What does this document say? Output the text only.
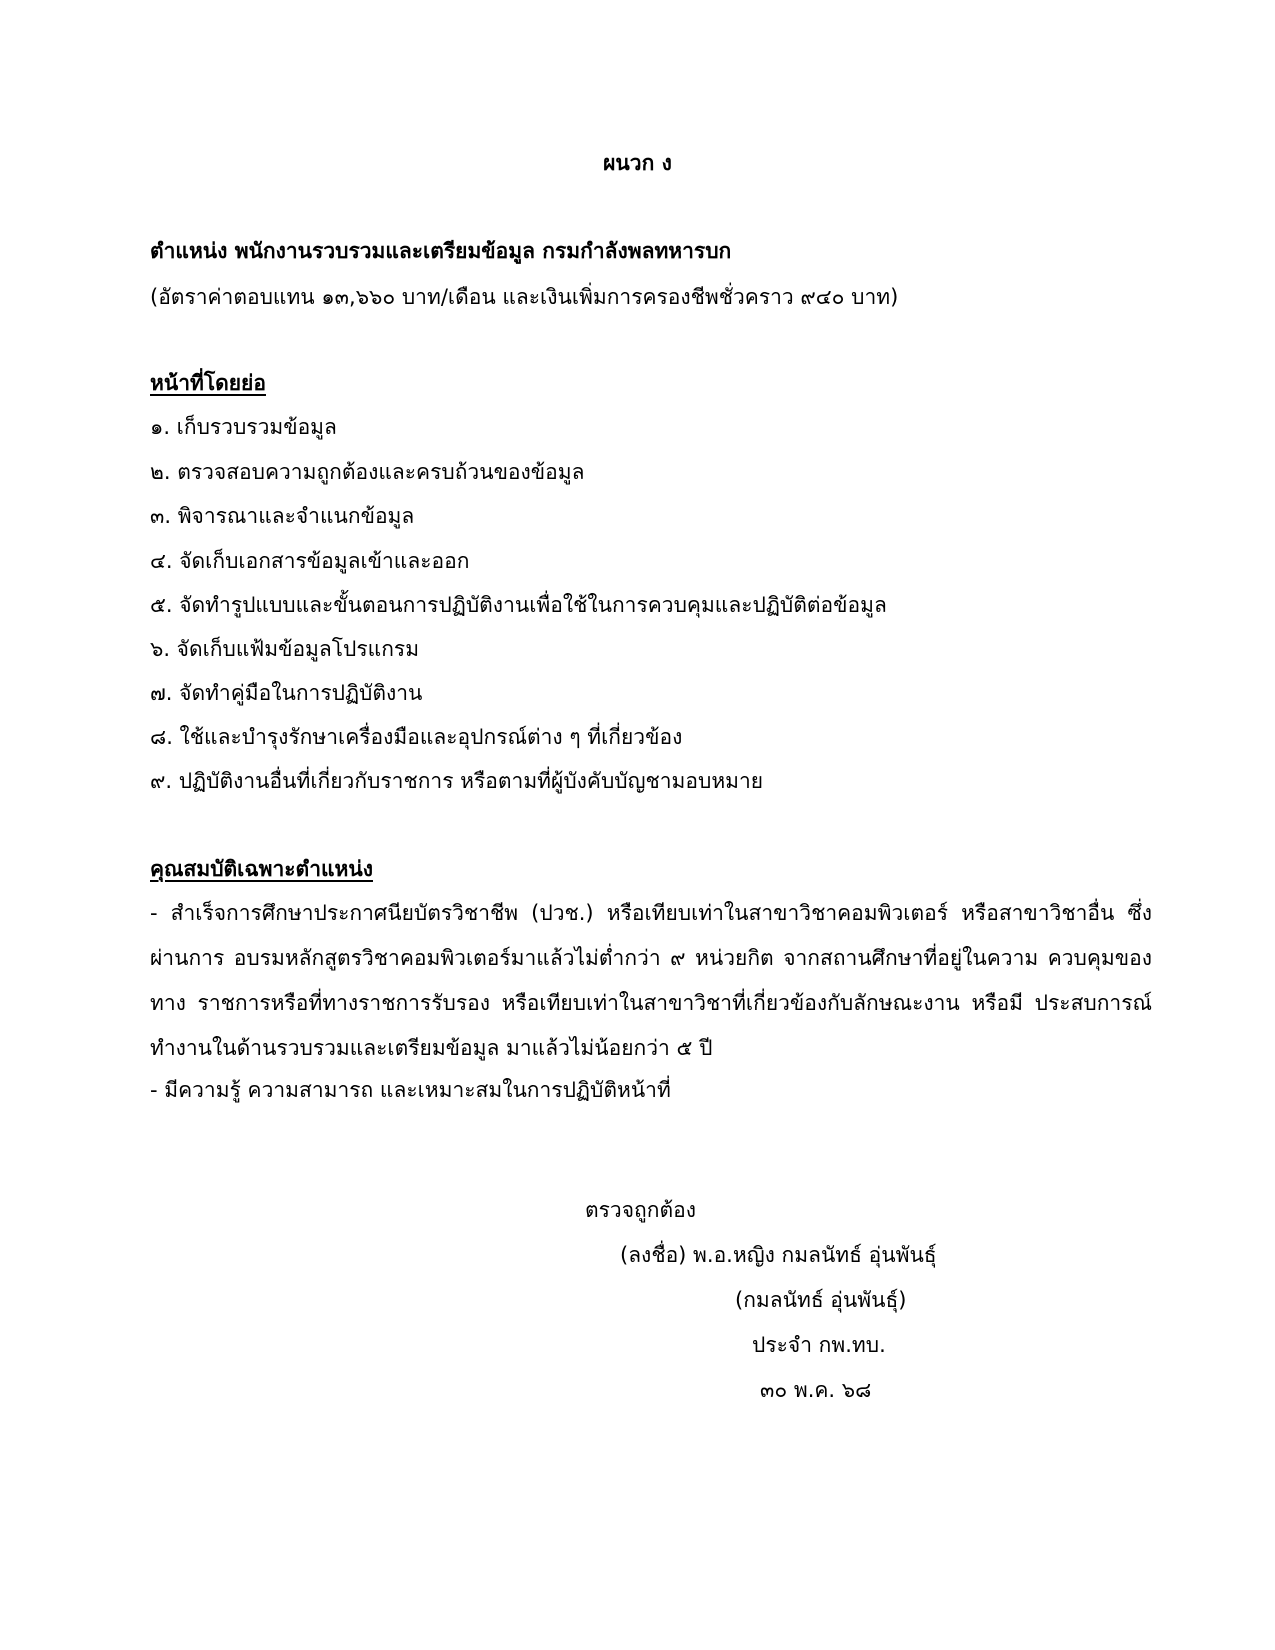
ผนวก ง
ตำแหน่ง พนักงานรวบรวมและเตรียมข้อมูล กรมกำลังพลทหารบก
(อัตราค่าตอบแทน ๑๓,๖๖๐ บาท/เดือน และเงินเพิ่มการครองชีพชั่วคราว ๙๔๐ บาท)
หน้าที่โดยย่อ
๑. เก็บรวบรวมข้อมูล
๒. ตรวจสอบความถูกต้องและครบถ้วนของข้อมูล
๓. พิจารณาและจำแนกข้อมูล
๔. จัดเก็บเอกสารข้อมูลเข้าและออก
๕. จัดทำรูปแบบและขั้นตอนการปฏิบัติงานเพื่อใช้ในการควบคุมและปฏิบัติต่อข้อมูล
๖. จัดเก็บแฟ้มข้อมูลโปรแกรม
๗. จัดทำคู่มือในการปฏิบัติงาน
๘. ใช้และบำรุงรักษาเครื่องมือและอุปกรณ์ต่าง ๆ ที่เกี่ยวข้อง
๙. ปฏิบัติงานอื่นที่เกี่ยวกับราชการ หรือตามที่ผู้บังคับบัญชามอบหมาย
คุณสมบัติเฉพาะตำแหน่ง
- สำเร็จการศึกษาประกาศนียบัตรวิชาชีพ (ปวช.) หรือเทียบเท่าในสาขาวิชาคอมพิวเตอร์ หรือสาขาวิชาอื่น ซึ่งผ่านการ อบรมหลักสูตรวิชาคอมพิวเตอร์มาแล้วไม่ต่ำกว่า ๙ หน่วยกิต จากสถานศึกษาที่อยู่ในความ ควบคุมของทาง ราชการหรือที่ทางราชการรับรอง หรือเทียบเท่าในสาขาวิชาที่เกี่ยวข้องกับลักษณะงาน หรือมี ประสบการณ์ทำงานในด้านรวบรวมและเตรียมข้อมูล มาแล้วไม่น้อยกว่า ๕ ปี
- มีความรู้ ความสามารถ และเหมาะสมในการปฏิบัติหน้าที่
ตรวจถูกต้อง
(ลงชื่อ) พ.อ.หญิง กมลนัทธ์ อุ่นพันธุ์
(กมลนัทธ์ อุ่นพันธุ์)
ประจำ กพ.ทบ.
๓๐ พ.ค. ๖๘
